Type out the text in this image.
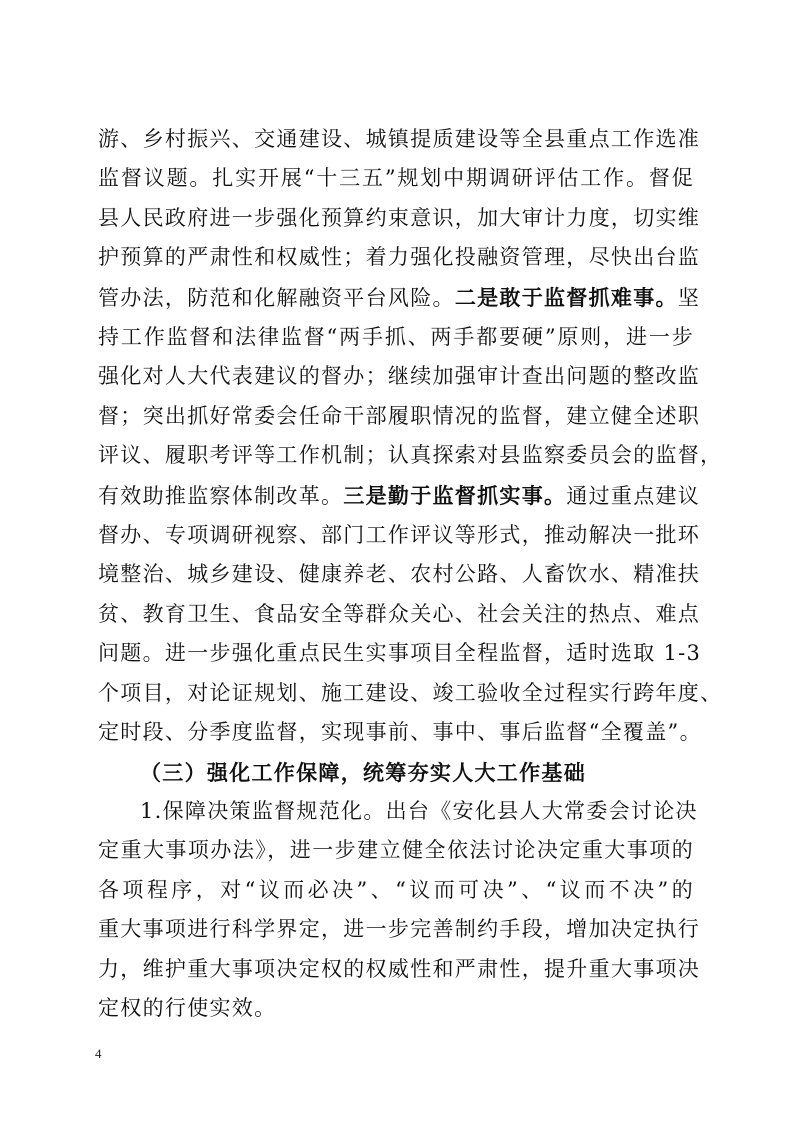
游、乡村振兴、交通建设、城镇提质建设等全县重点工作选准
监督议题。扎实开展“十三五”规划中期调研评估工作。督促
县人民政府进一步强化预算约束意识，加大审计力度，切实维
护预算的严肃性和权威性；着力强化投融资管理，尽快出台监
管办法，防范和化解融资平台风险。二是敢于监督抓难事。坚
持工作监督和法律监督“两手抓、两手都要硬”原则，进一步
强化对人大代表建议的督办；继续加强审计查出问题的整改监
督；突出抓好常委会任命干部履职情况的监督，建立健全述职
评议、履职考评等工作机制；认真探索对县监察委员会的监督，
有效助推监察体制改革。三是勤于监督抓实事。通过重点建议
督办、专项调研视察、部门工作评议等形式，推动解决一批环
境整治、城乡建设、健康养老、农村公路、人畜饮水、精准扶
贫、教育卫生、食品安全等群众关心、社会关注的热点、难点
问题。进一步强化重点民生实事项目全程监督，适时选取 1-3
个项目，对论证规划、施工建设、竣工验收全过程实行跨年度、
定时段、分季度监督，实现事前、事中、事后监督“全覆盖”。
（三）强化工作保障，统筹夯实人大工作基础
1.保障决策监督规范化。出台《安化县人大常委会讨论决
定重大事项办法》，进一步建立健全依法讨论决定重大事项的
各项程序，对“议而必决”、“议而可决”、“议而不决”的
重大事项进行科学界定，进一步完善制约手段，增加决定执行
力，维护重大事项决定权的权威性和严肃性，提升重大事项决
定权的行使实效。
4
